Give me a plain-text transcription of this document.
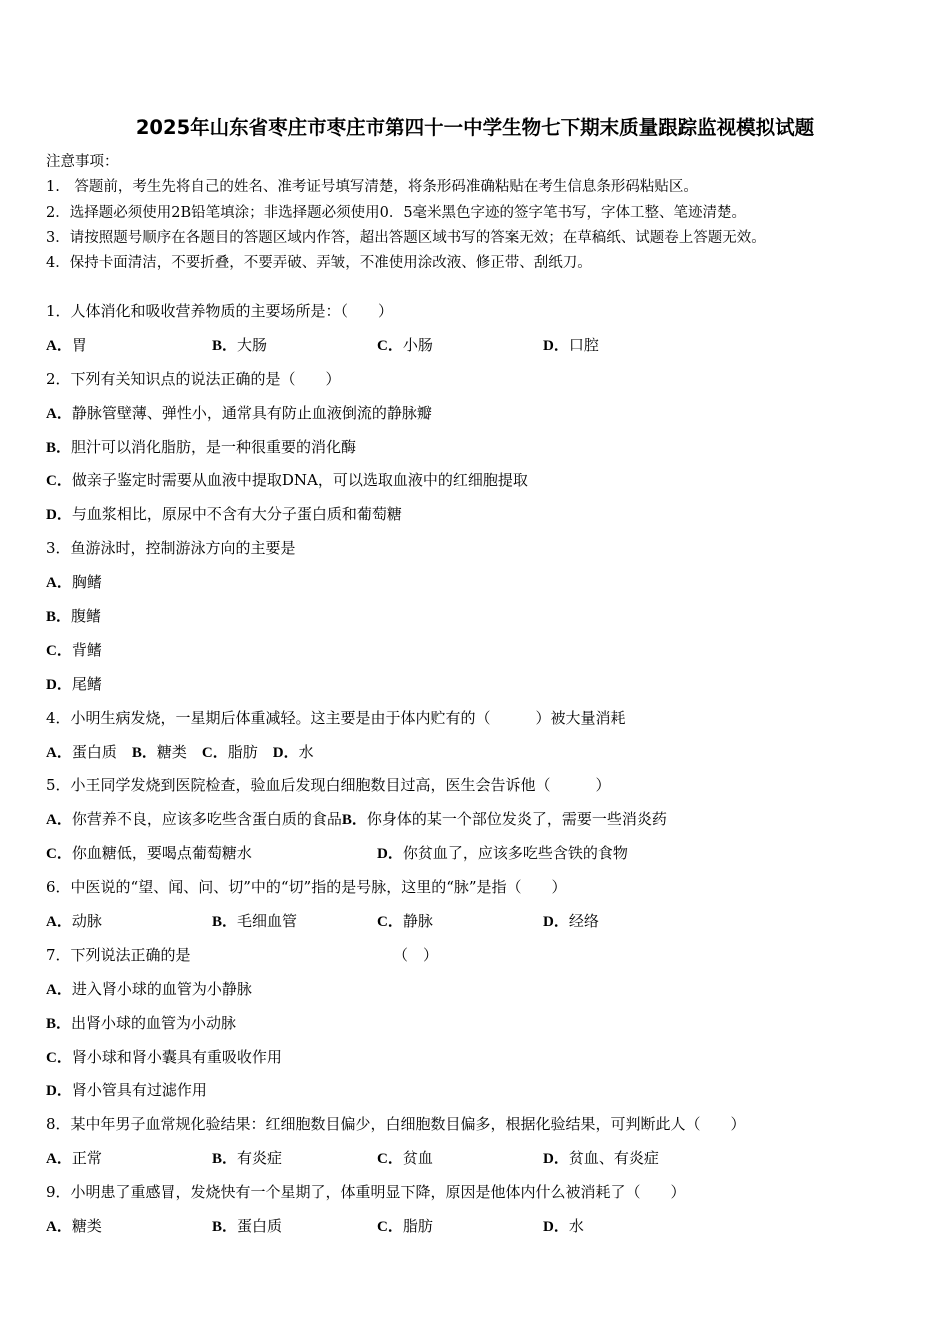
2025年山东省枣庄市枣庄市第四十一中学生物七下期末质量跟踪监视模拟试题
注意事项：
1.　答题前，考生先将自己的姓名、准考证号填写清楚，将条形码准确粘贴在考生信息条形码粘贴区。
2．选择题必须使用2B铅笔填涂；非选择题必须使用0．5毫米黑色字迹的签字笔书写，字体工整、笔迹清楚。
3．请按照题号顺序在各题目的答题区域内作答，超出答题区域书写的答案无效；在草稿纸、试题卷上答题无效。
4．保持卡面清洁，不要折叠，不要弄破、弄皱，不准使用涂改液、修正带、刮纸刀。
1．人体消化和吸收营养物质的主要场所是：（　　）
A．胃	B．大肠	C．小肠	D．口腔
2．下列有关知识点的说法正确的是（　　）
A．静脉管壁薄、弹性小，通常具有防止血液倒流的静脉瓣
B．胆汁可以消化脂肪，是一种很重要的消化酶
C．做亲子鉴定时需要从血液中提取DNA，可以选取血液中的红细胞提取
D．与血浆相比，原尿中不含有大分子蛋白质和葡萄糖
3．鱼游泳时，控制游泳方向的主要是
A．胸鳍
B．腹鳍
C．背鳍
D．尾鳍
4．小明生病发烧，一星期后体重减轻。这主要是由于体内贮有的（　　　）被大量消耗
A．蛋白质　B．糖类　C．脂肪　D．水
5．小王同学发烧到医院检查，验血后发现白细胞数目过高，医生会告诉他（　　　）
A．你营养不良，应该多吃些含蛋白质的食品B．你身体的某一个部位发炎了，需要一些消炎药
C．你血糖低，要喝点葡萄糖水	D．你贫血了，应该多吃些含铁的食物
6．中医说的“望、闻、问、切”中的“切”指的是号脉，这里的“脉”是指（　　）
A．动脉	B．毛细血管	C．静脉	D．经络
7．下列说法正确的是　　　　　　　　　　　　　　（　）
A．进入肾小球的血管为小静脉
B．出肾小球的血管为小动脉
C．肾小球和肾小囊具有重吸收作用
D．肾小管具有过滤作用
8．某中年男子血常规化验结果：红细胞数目偏少，白细胞数目偏多，根据化验结果，可判断此人（　　）
A．正常	B．有炎症	C．贫血	D．贫血、有炎症
9．小明患了重感冒，发烧快有一个星期了，体重明显下降，原因是他体内什么被消耗了（　　）
A．糖类	B．蛋白质	C．脂肪	D．水
